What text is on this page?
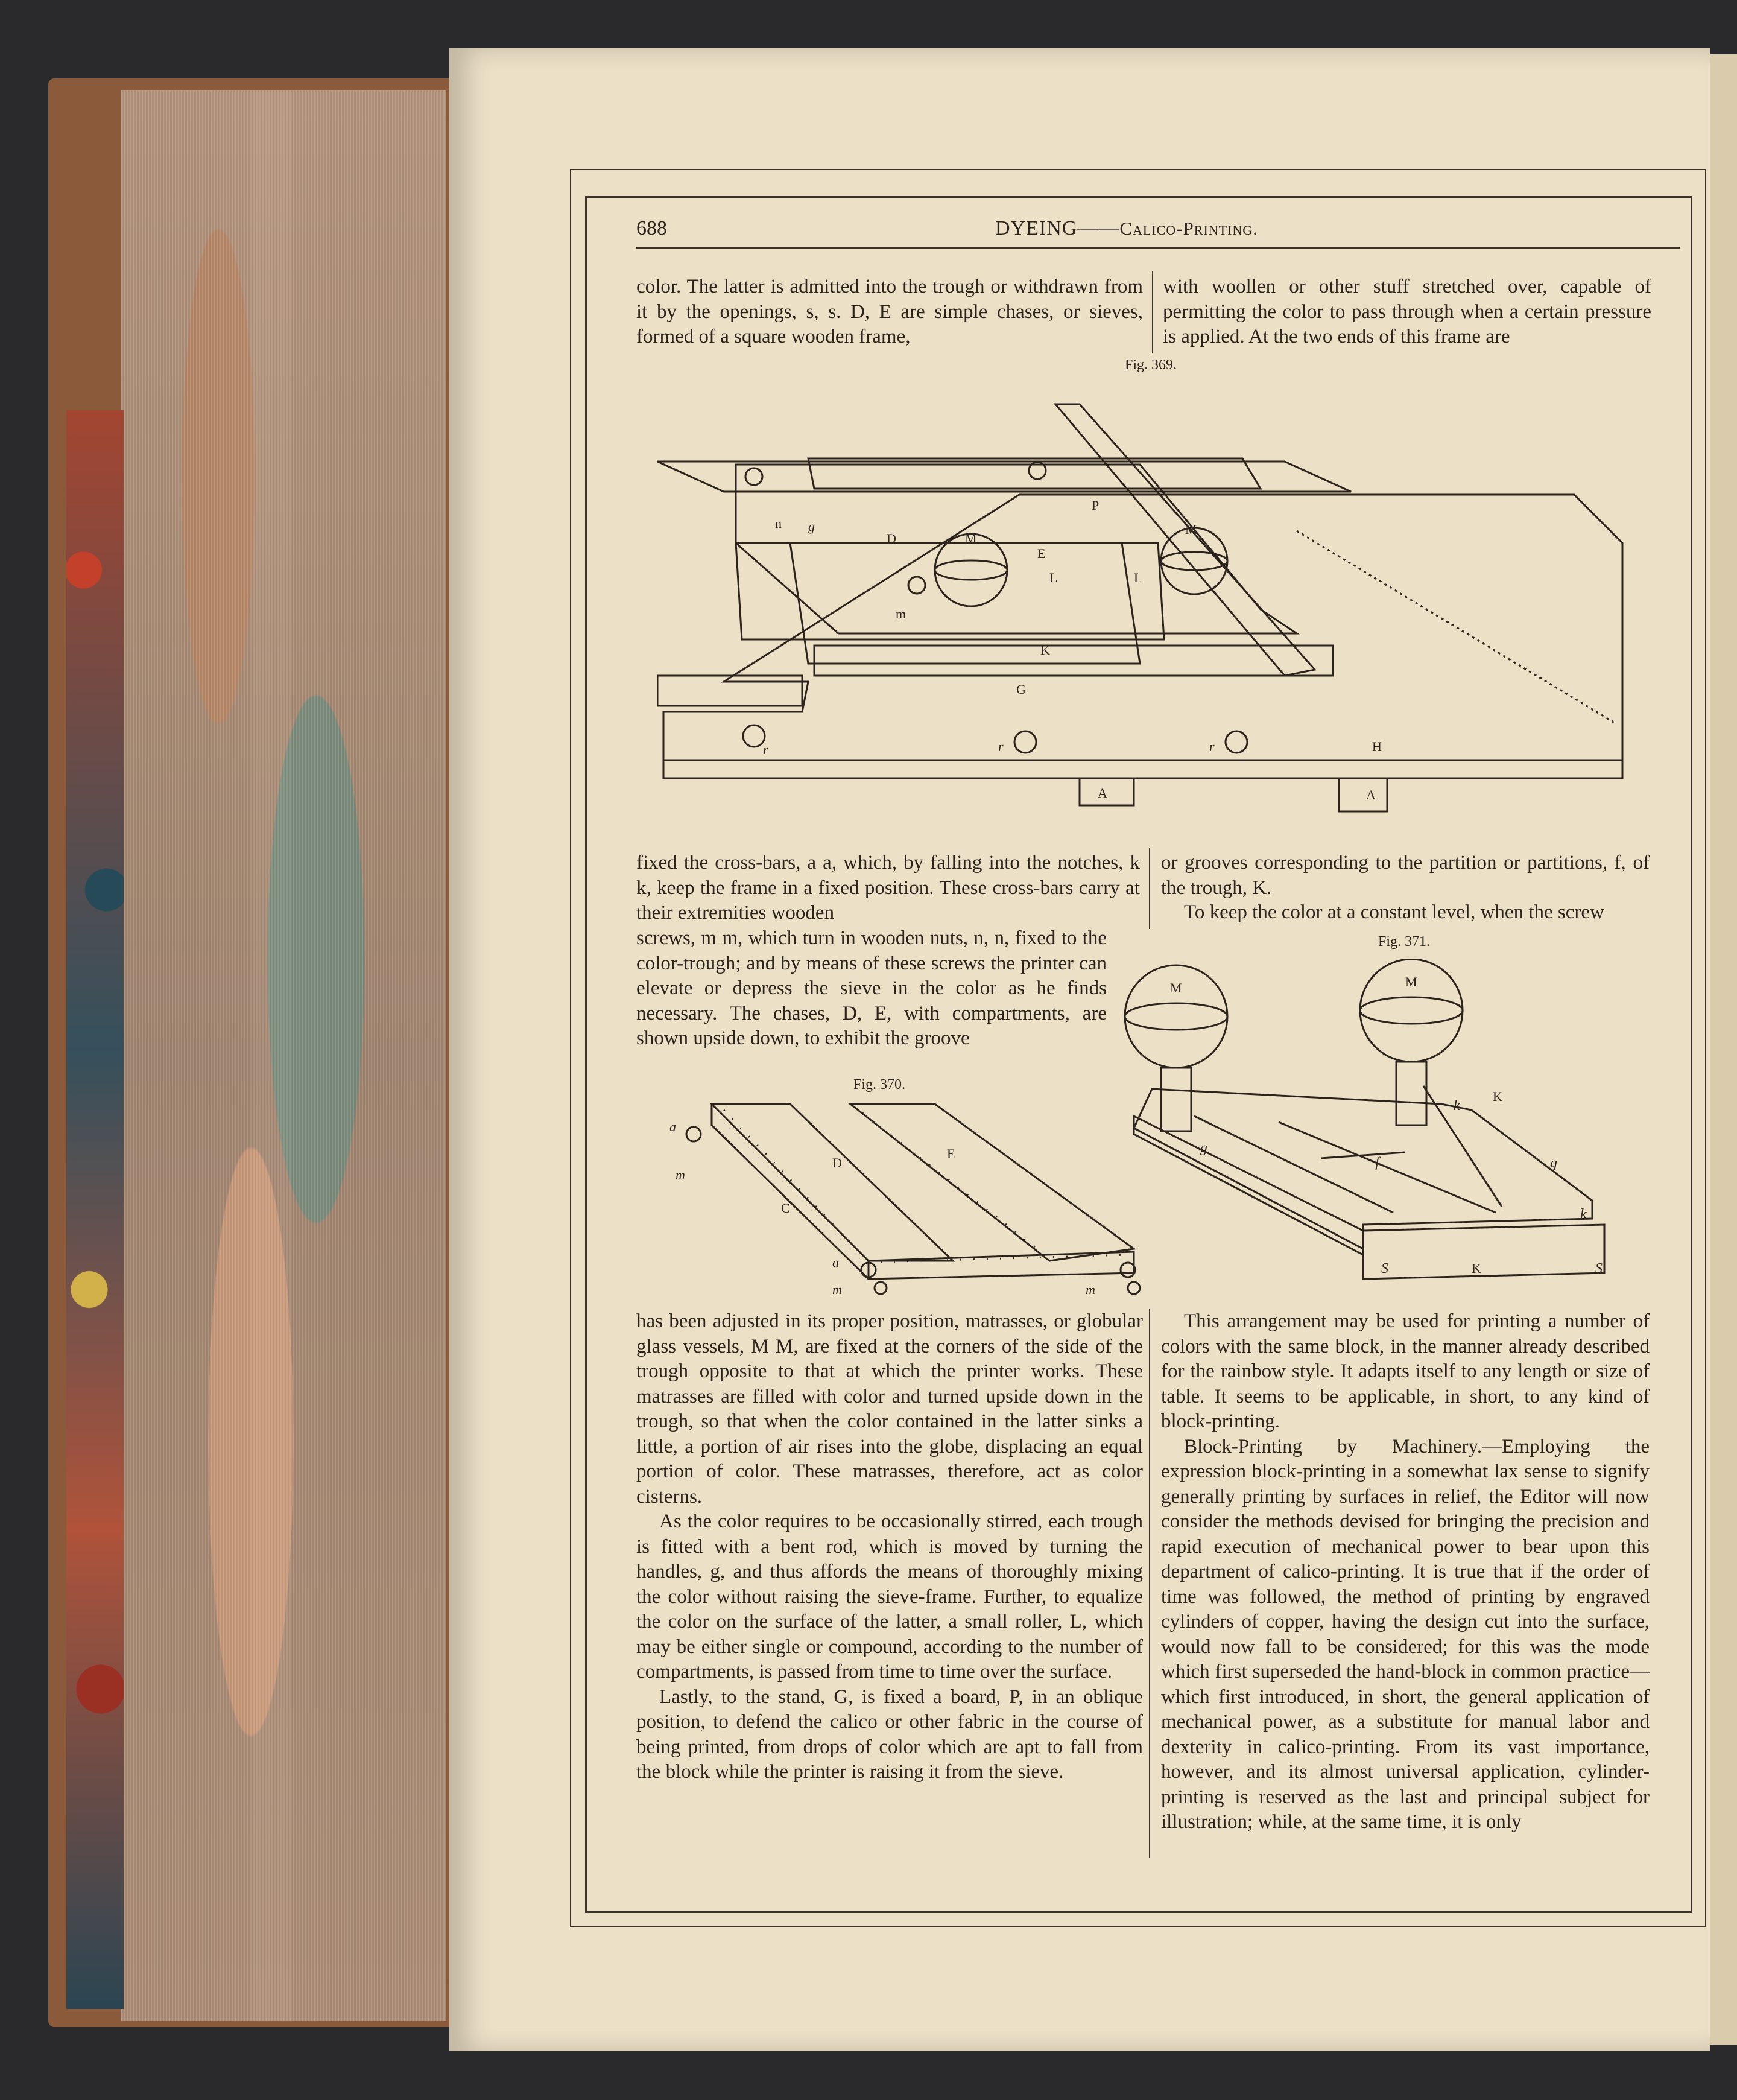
688	DYEING——Calico-Printing.

color. The latter is admitted into the trough or withdrawn from it by the openings, s, s. D, E are simple chases, or sieves, formed of a square wooden frame,

with woollen or other stuff stretched over, capable of permitting the color to pass through when a certain pressure is applied. At the two ends of this frame are

Fig. 369.
n g
D	M
E
M
P
L	L
m
K
G
r	r	r	H
A	A

fixed the cross-bars, a a, which, by falling into the notches, k k, keep the frame in a fixed position. These cross-bars carry at their extremities wooden

screws, m m, which turn in wooden nuts, n, n, fixed to the color-trough; and by means of these screws the printer can elevate or depress the sieve in the color as he finds necessary. The chases, D, E, with compartments, are shown upside down, to exhibit the groove

or grooves corresponding to the partition or partitions, f, of the trough, K.

To keep the color at a constant level, when the screw

Fig. 370.
a
m
a
m	m
D
E
C
Fig. 371.
M	M
K
K
k
g
f	g
k
S	S

has been adjusted in its proper position, matrasses, or globular glass vessels, M M, are fixed at the corners of the side of the trough opposite to that at which the printer works. These matrasses are filled with color and turned upside down in the trough, so that when the color contained in the latter sinks a little, a portion of air rises into the globe, displacing an equal portion of color. These matrasses, therefore, act as color cisterns.

As the color requires to be occasionally stirred, each trough is fitted with a bent rod, which is moved by turning the handles, g, and thus affords the means of thoroughly mixing the color without raising the sieve-frame. Further, to equalize the color on the surface of the latter, a small roller, L, which may be either single or compound, according to the number of compartments, is passed from time to time over the surface.

Lastly, to the stand, G, is fixed a board, P, in an oblique position, to defend the calico or other fabric in the course of being printed, from drops of color which are apt to fall from the block while the printer is raising it from the sieve.

This arrangement may be used for printing a number of colors with the same block, in the manner already described for the rainbow style. It adapts itself to any length or size of table. It seems to be applicable, in short, to any kind of block-printing.

Block-Printing by Machinery.—Employing the expression block-printing in a somewhat lax sense to signify generally printing by surfaces in relief, the Editor will now consider the methods devised for bringing the precision and rapid execution of mechanical power to bear upon this department of calico-printing. It is true that if the order of time was followed, the method of printing by engraved cylinders of copper, having the design cut into the surface, would now fall to be considered; for this was the mode which first superseded the hand-block in common practice—which first introduced, in short, the general application of mechanical power, as a substitute for manual labor and dexterity in calico-printing. From its vast importance, however, and its almost universal application, cylinder-printing is reserved as the last and principal subject for illustration; while, at the same time, it is only
